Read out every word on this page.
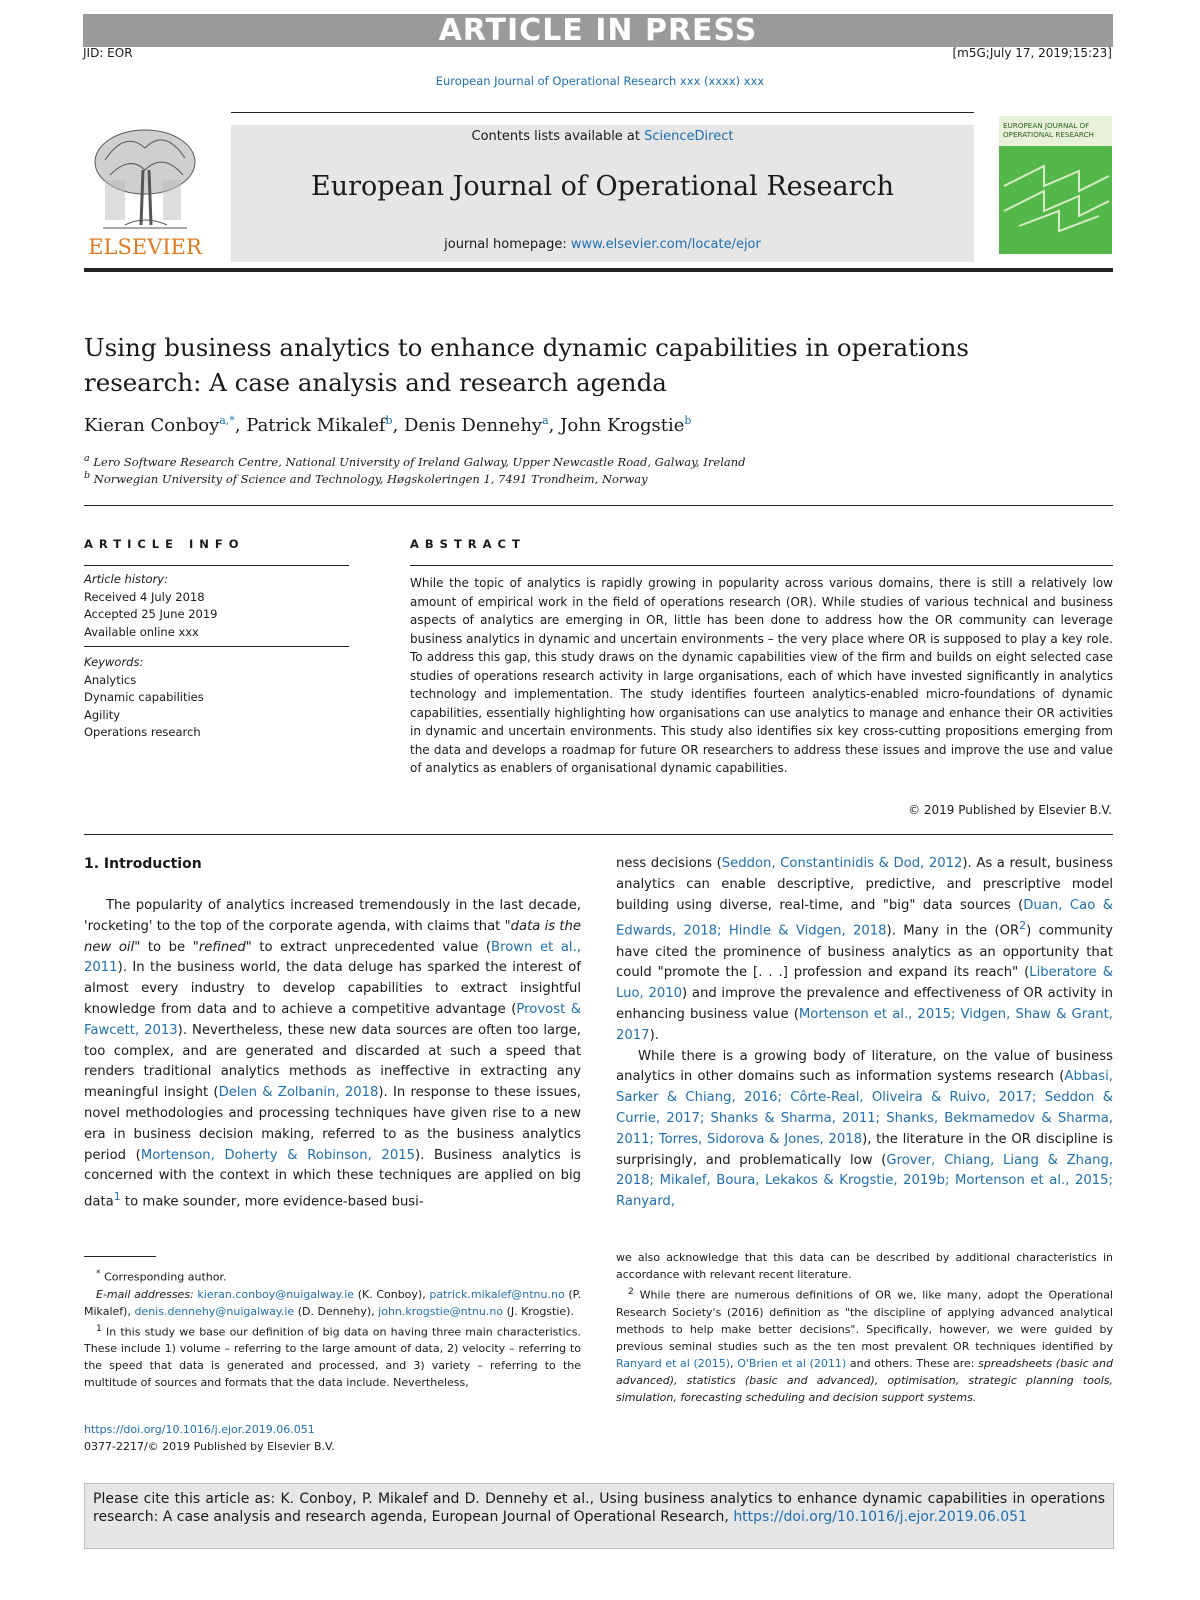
ARTICLE IN PRESS
JID: EOR	[m5G;July 17, 2019;15:23]
European Journal of Operational Research xxx (xxxx) xxx
ELSEVIER
Contents lists available at ScienceDirect
European Journal of Operational Research
journal homepage: www.elsevier.com/locate/ejor
EUROPEAN JOURNAL OF
OPERATIONAL RESEARCH
Using business analytics to enhance dynamic capabilities in operations research: A case analysis and research agenda
Kieran Conboy$^{a,*}$, Patrick Mikalef$^b$, Denis Dennehy$^a$, John Krogstie$^b$
$^a$ Lero Software Research Centre, National University of Ireland Galway, Upper Newcastle Road, Galway, Ireland
$^b$ Norwegian University of Science and Technology, Høgskoleringen 1, 7491 Trondheim, Norway
ARTICLE INFO
Article history:
Received 4 July 2018
Accepted 25 June 2019
Available online xxx
Keywords:
Analytics
Dynamic capabilities
Agility
Operations research
ABSTRACT
While the topic of analytics is rapidly growing in popularity across various domains, there is still a relatively low amount of empirical work in the field of operations research (OR). While studies of various technical and business aspects of analytics are emerging in OR, little has been done to address how the OR community can leverage business analytics in dynamic and uncertain environments – the very place where OR is supposed to play a key role. To address this gap, this study draws on the dynamic capabilities view of the firm and builds on eight selected case studies of operations research activity in large organisations, each of which have invested significantly in analytics technology and implementation. The study identifies fourteen analytics-enabled micro-foundations of dynamic capabilities, essentially highlighting how organisations can use analytics to manage and enhance their OR activities in dynamic and uncertain environments. This study also identifies six key cross-cutting propositions emerging from the data and develops a roadmap for future OR researchers to address these issues and improve the use and value of analytics as enablers of organisational dynamic capabilities.
© 2019 Published by Elsevier B.V.
1. Introduction

The popularity of analytics increased tremendously in the last decade, 'rocketing' to the top of the corporate agenda, with claims that "data is the new oil" to be "refined" to extract unprecedented value (Brown et al., 2011). In the business world, the data deluge has sparked the interest of almost every industry to develop capabilities to extract insightful knowledge from data and to achieve a competitive advantage (Provost & Fawcett, 2013). Nevertheless, these new data sources are often too large, too complex, and are generated and discarded at such a speed that renders traditional analytics methods as ineffective in extracting any meaningful insight (Delen & Zolbanin, 2018). In response to these issues, novel methodologies and processing techniques have given rise to a new era in business decision making, referred to as the business analytics period (Mortenson, Doherty & Robinson, 2015). Business analytics is concerned with the context in which these techniques are applied on big data$^1$ to make sounder, more evidence-based busi-

ness decisions (Seddon, Constantinidis & Dod, 2012). As a result, business analytics can enable descriptive, predictive, and prescriptive model building using diverse, real-time, and "big" data sources (Duan, Cao & Edwards, 2018; Hindle & Vidgen, 2018). Many in the $(OR^2)$ community have cited the prominence of business analytics as an opportunity that could "promote the [. . .] profession and expand its reach" (Liberatore & Luo, 2010) and improve the prevalence and effectiveness of OR activity in enhancing business value (Mortenson et al., 2015; Vidgen, Shaw & Grant, 2017).

While there is a growing body of literature, on the value of business analytics in other domains such as information systems research (Abbasi, Sarker & Chiang, 2016; Côrte-Real, Oliveira & Ruivo, 2017; Seddon & Currie, 2017; Shanks & Sharma, 2011; Shanks, Bekmamedov & Sharma, 2011; Torres, Sidorova & Jones, 2018), the literature in the OR discipline is surprisingly, and problematically low (Grover, Chiang, Liang & Zhang, 2018; Mikalef, Boura, Lekakos & Krogstie, 2019b; Mortenson et al., 2015; Ranyard,

* Corresponding author.

E-mail addresses: kieran.conboy@nuigalway.ie (K. Conboy), patrick.mikalef@ntnu.no (P. Mikalef), denis.dennehy@nuigalway.ie (D. Dennehy), john.krogstie@ntnu.no (J. Krogstie).

$^1$ In this study we base our definition of big data on having three main characteristics. These include 1) volume – referring to the large amount of data, 2) velocity – referring to the speed that data is generated and processed, and 3) variety – referring to the multitude of sources and formats that the data include. Nevertheless,

https://doi.org/10.1016/j.ejor.2019.06.051

0377-2217/© 2019 Published by Elsevier B.V.

we also acknowledge that this data can be described by additional characteristics in accordance with relevant recent literature.

$^2$ While there are numerous definitions of OR we, like many, adopt the Operational Research Society's (2016) definition as "the discipline of applying advanced analytical methods to help make better decisions". Specifically, however, we were guided by previous seminal studies such as the ten most prevalent OR techniques identified by Ranyard et al (2015), O'Brien et al (2011) and others. These are: spreadsheets (basic and advanced), statistics (basic and advanced), optimisation, strategic planning tools, simulation, forecasting scheduling and decision support systems.

Please cite this article as: K. Conboy, P. Mikalef and D. Dennehy et al., Using business analytics to enhance dynamic capabilities in operations research: A case analysis and research agenda, European Journal of Operational Research, https://doi.org/10.1016/j.ejor.2019.06.051
